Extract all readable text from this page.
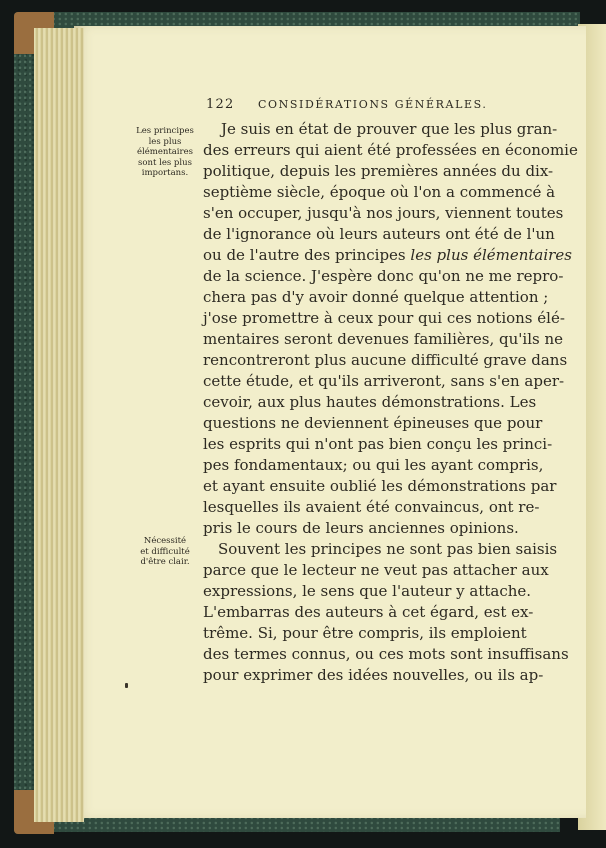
122 CONSIDÉRATIONS GÉNÉRALES.
Les principes
les plus
élémentaires
sont les plus
importans.
Nécessité
et difficulté
d'être clair.
Je suis en état de prouver que les plus gran-
des erreurs qui aient été professées en économie
politique, depuis les premières années du dix-
septième siècle, époque où l'on a commencé à
s'en occuper, jusqu'à nos jours, viennent toutes
de l'ignorance où leurs auteurs ont été de l'un
ou de l'autre des principes les plus élémentaires
de la science. J'espère donc qu'on ne me repro-
chera pas d'y avoir donné quelque attention ;
j'ose promettre à ceux pour qui ces notions élé-
mentaires seront devenues familières, qu'ils ne
rencontreront plus aucune difficulté grave dans
cette étude, et qu'ils arriveront, sans s'en aper-
cevoir, aux plus hautes démonstrations. Les
questions ne deviennent épineuses que pour
les esprits qui n'ont pas bien conçu les princi-
pes fondamentaux; ou qui les ayant compris,
et ayant ensuite oublié les démonstrations par
lesquelles ils avaient été convaincus, ont re-
pris le cours de leurs anciennes opinions.
Souvent les principes ne sont pas bien saisis
parce que le lecteur ne veut pas attacher aux
expressions, le sens que l'auteur y attache.
L'embarras des auteurs à cet égard, est ex-
trême. Si, pour être compris, ils emploient
des termes connus, ou ces mots sont insuffisans
pour exprimer des idées nouvelles, ou ils ap-
